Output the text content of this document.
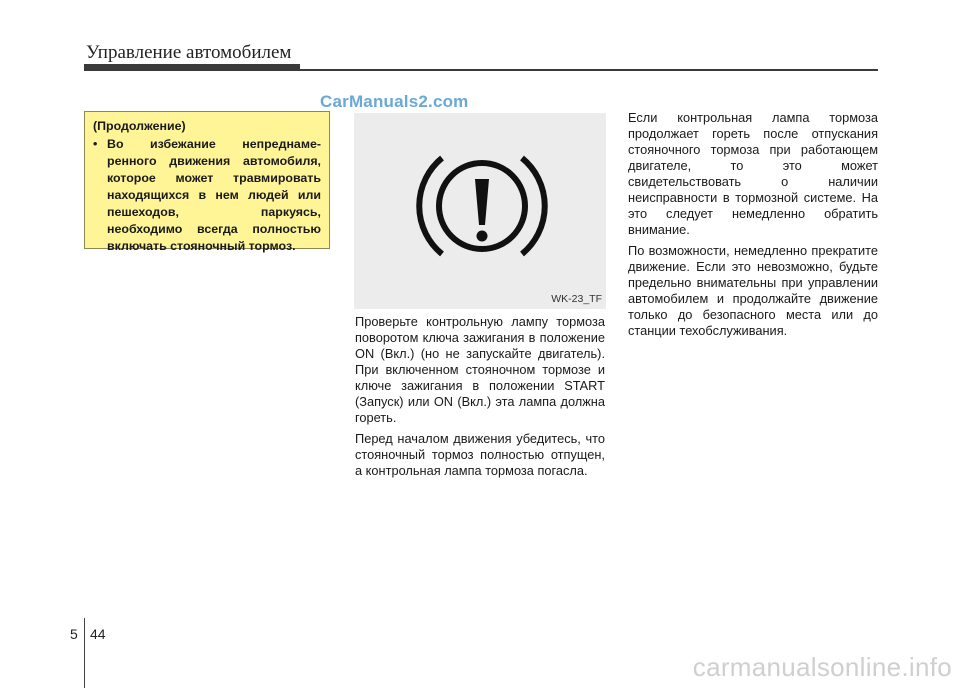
Управление автомобилем
CarManuals2.com
(Продолжение)
• Во избежание непреднаме-ренного движения автомобиля, которое может травмировать находящихся в нем людей или пешеходов, паркуясь, необходимо всегда полностью включать стояночный тормоз.
WK-23_TF

Проверьте контрольную лампу тормоза поворотом ключа зажигания в положение ON (Вкл.) (но не запускайте двигатель). При включенном стояночном тормозе и ключе зажигания в положении START (Запуск) или ON (Вкл.) эта лампа должна гореть.

Перед началом движения убедитесь, что стояночный тормоз полностью отпущен, а контрольная лампа тормоза погасла.

Если контрольная лампа тормоза продолжает гореть после отпускания стояночного тормоза при работающем двигателе, то это может свидетельствовать о наличии неисправности в тормозной системе. На это следует немедленно обратить внимание.

По возможности, немедленно прекратите движение. Если это невозможно, будьте предельно внимательны при управлении автомобилем и продолжайте движение только до безопасного места или до станции техобслуживания.

5 44
carmanualsonline.info
